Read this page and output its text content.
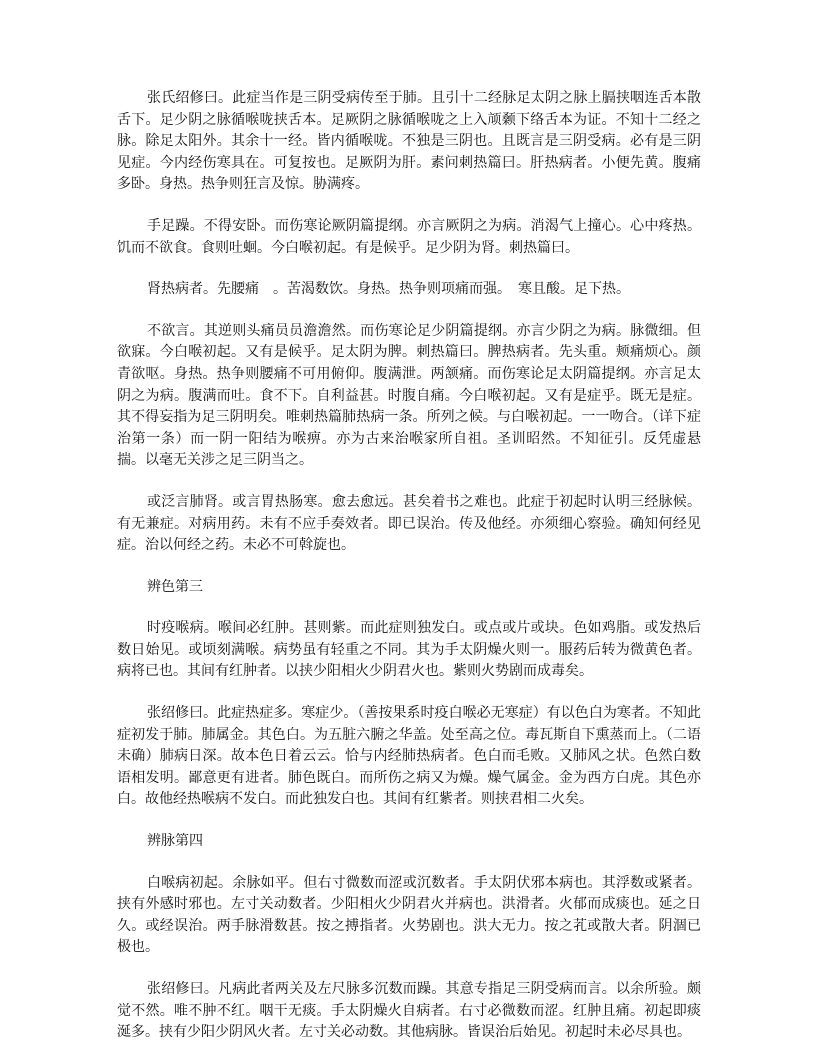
张氏绍修曰。此症当作是三阴受病传至于肺。且引十二经脉足太阴之脉上膈挟咽连舌本散舌下。足少阴之脉循喉咙挟舌本。足厥阴之脉循喉咙之上入颃颡下络舌本为证。不知十二经之脉。除足太阳外。其余十一经。皆内循喉咙。不独是三阴也。且既言是三阴受病。必有是三阴见症。今内经伤寒具在。可复按也。足厥阴为肝。素问刺热篇曰。肝热病者。小便先黄。腹痛多卧。身热。热争则狂言及惊。胁满疼。

手足躁。不得安卧。而伤寒论厥阴篇提纲。亦言厥阴之为病。消渴气上撞心。心中疼热。饥而不欲食。食则吐蛔。今白喉初起。有是候乎。足少阴为肾。刺热篇曰。

肾热病者。先腰痛　。苦渴数饮。身热。热争则项痛而强。　寒且酸。足下热。

不欲言。其逆则头痛员员澹澹然。而伤寒论足少阴篇提纲。亦言少阴之为病。脉微细。但欲寐。今白喉初起。又有是候乎。足太阴为脾。刺热篇曰。脾热病者。先头重。颊痛烦心。颜青欲呕。身热。热争则腰痛不可用俯仰。腹满泄。两颔痛。而伤寒论足太阴篇提纲。亦言足太阴之为病。腹满而吐。食不下。自利益甚。时腹自痛。今白喉初起。又有是症乎。既无是症。其不得妄指为足三阴明矣。唯刺热篇肺热病一条。所列之候。与白喉初起。一一吻合。（详下症治第一条）而一阴一阳结为喉痹。亦为古来治喉家所自祖。圣训昭然。不知征引。反凭虚悬揣。以毫无关涉之足三阴当之。

或泛言肺肾。或言胃热肠寒。愈去愈远。甚矣着书之难也。此症于初起时认明三经脉候。有无兼症。对病用药。未有不应手奏效者。即已误治。传及他经。亦须细心察验。确知何经见症。治以何经之药。未必不可斡旋也。

辨色第三

时疫喉病。喉间必红肿。甚则紫。而此症则独发白。或点或片或块。色如鸡脂。或发热后数日始见。或顷刻满喉。病势虽有轻重之不同。其为手太阴燥火则一。服药后转为微黄色者。病将已也。其间有红肿者。以挟少阳相火少阴君火也。紫则火势剧而成毒矣。

张绍修曰。此症热症多。寒症少。（善按果系时疫白喉必无寒症）有以色白为寒者。不知此症初发于肺。肺属金。其色白。为五脏六腑之华盖。处至高之位。毒瓦斯自下熏蒸而上。（二语未确）肺病日深。故本色日着云云。恰与内经肺热病者。色白而毛败。又肺风之状。色然白数语相发明。鄙意更有进者。肺色既白。而所伤之病又为燥。燥气属金。金为西方白虎。其色亦白。故他经热喉病不发白。而此独发白也。其间有红紫者。则挟君相二火矣。

辨脉第四

白喉病初起。余脉如平。但右寸微数而涩或沉数者。手太阴伏邪本病也。其浮数或紧者。挟有外感时邪也。左寸关动数者。少阳相火少阴君火并病也。洪滑者。火郁而成痰也。延之日久。或经误治。两手脉滑数甚。按之搏指者。火势剧也。洪大无力。按之芤或散大者。阴涸已极也。

张绍修曰。凡病此者两关及左尺脉多沉数而躁。其意专指足三阴受病而言。以余所验。颇觉不然。唯不肿不红。咽干无痰。手太阴燥火自病者。右寸必微数而涩。红肿且痛。初起即痰涎多。挟有少阳少阴风火者。左寸关必动数。其他病脉。皆误治后始见。初起时未必尽具也。
